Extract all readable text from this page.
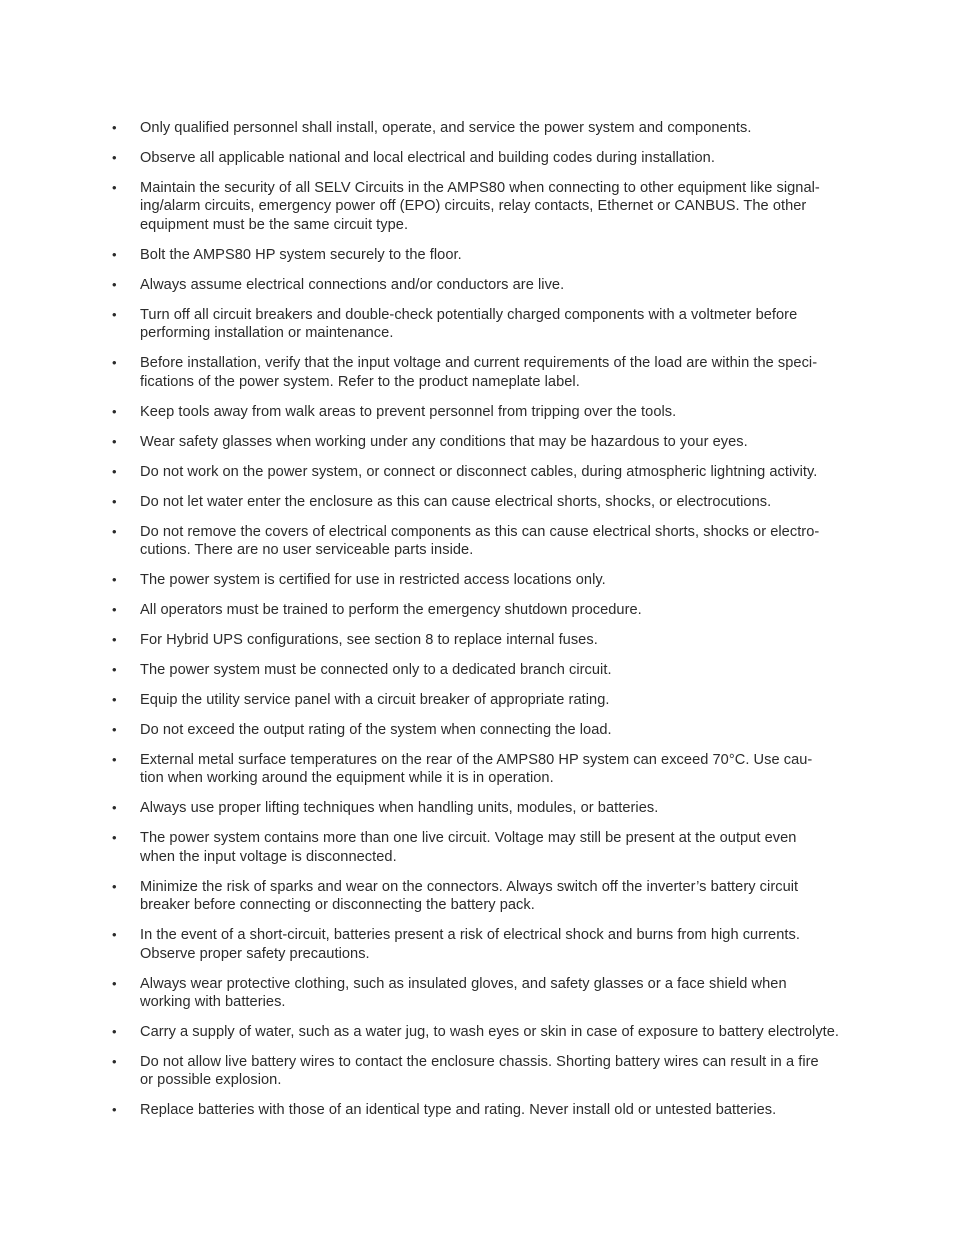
•	Only qualified personnel shall install, operate, and service the power system and components.
•	Observe all applicable national and local electrical and building codes during installation.
•	Maintain the security of all SELV Circuits in the AMPS80 when connecting to other equipment like signal-
ing/alarm circuits, emergency power off (EPO) circuits, relay contacts, Ethernet or CANBUS. The other
equipment must be the same circuit type.
•	Bolt the AMPS80 HP system securely to the floor.
•	Always assume electrical connections and/or conductors are live.
•	Turn off all circuit breakers and double-check potentially charged components with a voltmeter before
performing installation or maintenance.
•	Before installation, verify that the input voltage and current requirements of the load are within the speci-
fications of the power system. Refer to the product nameplate label.
•	Keep tools away from walk areas to prevent personnel from tripping over the tools.
•	Wear safety glasses when working under any conditions that may be hazardous to your eyes.
•	Do not work on the power system, or connect or disconnect cables, during atmospheric lightning activity.
•	Do not let water enter the enclosure as this can cause electrical shorts, shocks, or electrocutions.
•	Do not remove the covers of electrical components as this can cause electrical shorts, shocks or electro-
cutions. There are no user serviceable parts inside.
•	The power system is certified for use in restricted access locations only.
•	All operators must be trained to perform the emergency shutdown procedure.
•	For Hybrid UPS configurations, see section 8 to replace internal fuses.
•	The power system must be connected only to a dedicated branch circuit.
•	Equip the utility service panel with a circuit breaker of appropriate rating.
•	Do not exceed the output rating of the system when connecting the load.
•	External metal surface temperatures on the rear of the AMPS80 HP system can exceed 70°C. Use cau-
tion when working around the equipment while it is in operation.
•	Always use proper lifting techniques when handling units, modules, or batteries.
•	The power system contains more than one live circuit. Voltage may still be present at the output even
when the input voltage is disconnected.
•	Minimize the risk of sparks and wear on the connectors. Always switch off the inverter’s battery circuit
breaker before connecting or disconnecting the battery pack.
•	In the event of a short-circuit, batteries present a risk of electrical shock and burns from high currents.
Observe proper safety precautions.
•	Always wear protective clothing, such as insulated gloves, and safety glasses or a face shield when
working with batteries.
•	Carry a supply of water, such as a water jug, to wash eyes or skin in case of exposure to battery electrolyte.
•	Do not allow live battery wires to contact the enclosure chassis. Shorting battery wires can result in a fire
or possible explosion.
•	Replace batteries with those of an identical type and rating. Never install old or untested batteries.
